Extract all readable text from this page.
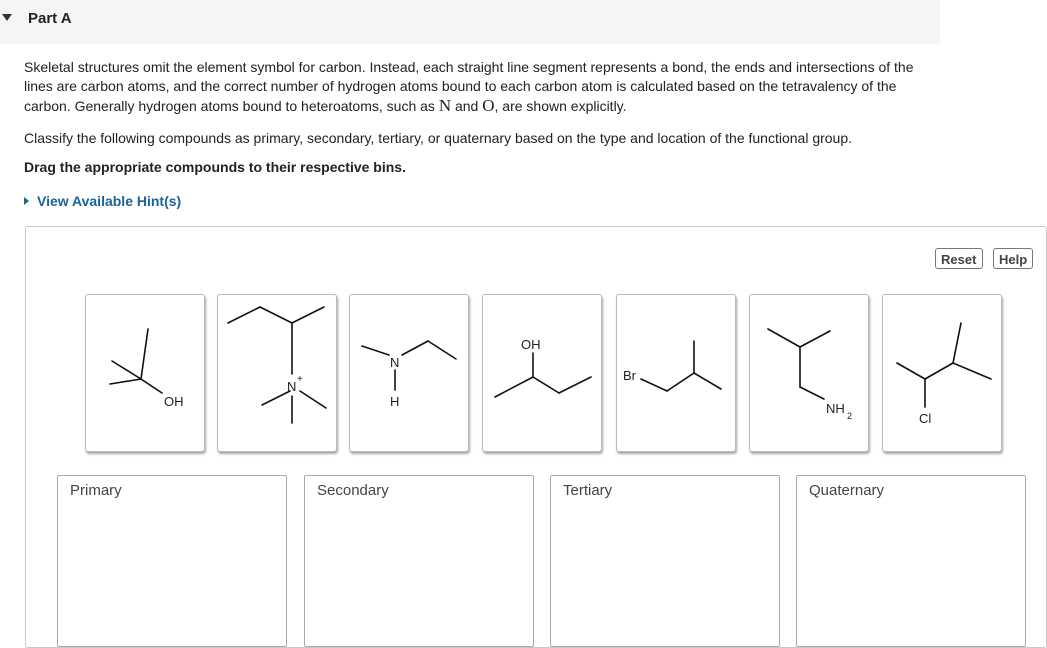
Part A
Skeletal structures omit the element symbol for carbon. Instead, each straight line segment represents a bond, the ends and intersections of the lines are carbon atoms, and the correct number of hydrogen atoms bound to each carbon atom is calculated based on the tetravalency of the carbon. Generally hydrogen atoms bound to heteroatoms, such as N and O, are shown explicitly.
Classify the following compounds as primary, secondary, tertiary, or quaternary based on the type and location of the functional group.
Drag the appropriate compounds to their respective bins.
View Available Hint(s)
Reset	Help
OH
N +
N
H
OH
Br
NH 2	Cl
Primary	Secondary	Tertiary	Quaternary
